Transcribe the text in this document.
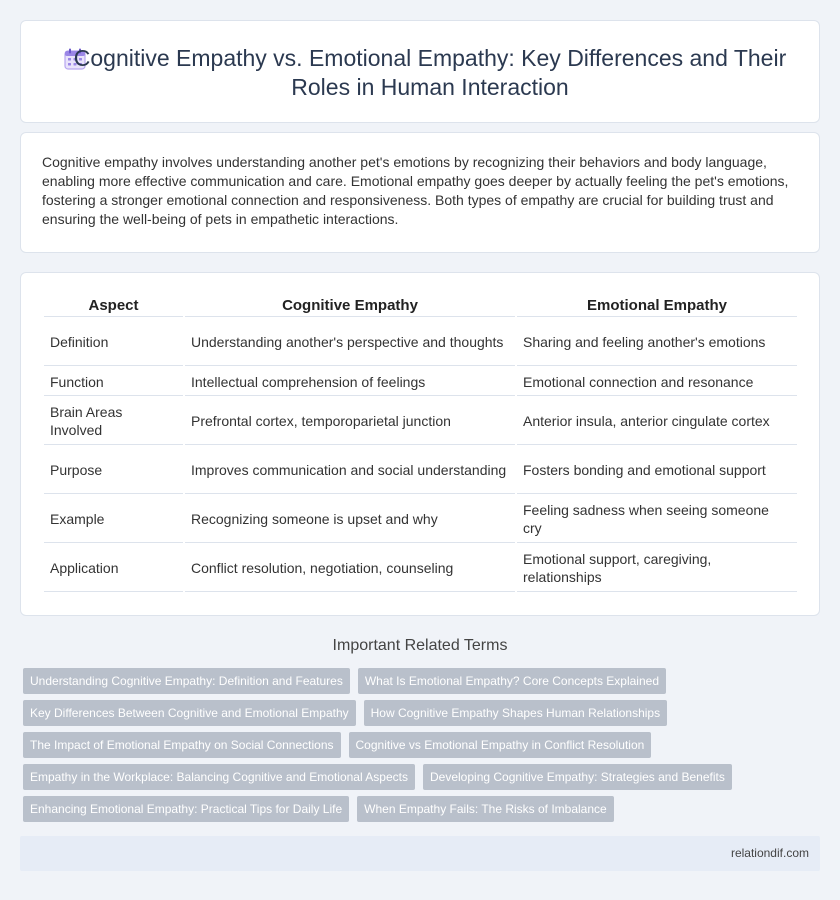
Cognitive Empathy vs. Emotional Empathy: Key Differences and Their Roles in Human Interaction

Cognitive empathy involves understanding another pet's emotions by recognizing their behaviors and body language, enabling more effective communication and care. Emotional empathy goes deeper by actually feeling the pet's emotions, fostering a stronger emotional connection and responsiveness. Both types of empathy are crucial for building trust and ensuring the well-being of pets in empathetic interactions.

Aspect	Cognitive Empathy	Emotional Empathy
Definition	Understanding another's perspective and thoughts	Sharing and feeling another's emotions
Function	Intellectual comprehension of feelings	Emotional connection and resonance
Brain Areas Involved	Prefrontal cortex, temporoparietal junction	Anterior insula, anterior cingulate cortex
Purpose	Improves communication and social understanding	Fosters bonding and emotional support
Example	Recognizing someone is upset and why	Feeling sadness when seeing someone cry
Application	Conflict resolution, negotiation, counseling	Emotional support, caregiving, relationships
Important Related Terms
Understanding Cognitive Empathy: Definition and Features	What Is Emotional Empathy? Core Concepts Explained
Key Differences Between Cognitive and Emotional Empathy	How Cognitive Empathy Shapes Human Relationships
The Impact of Emotional Empathy on Social Connections	Cognitive vs Emotional Empathy in Conflict Resolution
Empathy in the Workplace: Balancing Cognitive and Emotional Aspects	Developing Cognitive Empathy: Strategies and Benefits
Enhancing Emotional Empathy: Practical Tips for Daily Life	When Empathy Fails: The Risks of Imbalance
relationdif.com
